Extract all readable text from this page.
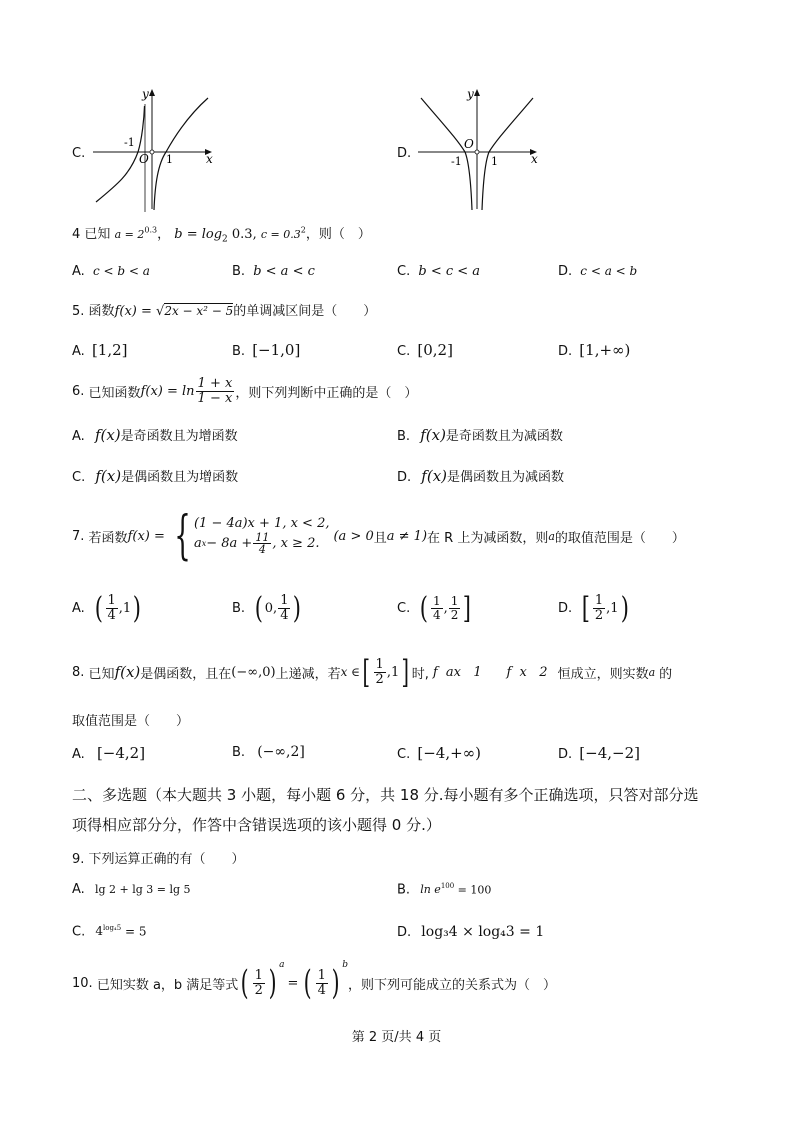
C.
y
x
O
-1
1	D.
y
x
O
-1	1
4 已知 $a = 2^{0.3}$， $b = \log_2 0.3$, $c = 0.3^2$，则（　）
A. c < b < a	B. b < a < c	C. b < c < a	D. c < a < b
5. 函数f(x) = √2x − x² − 5的单调减区间是（　　）
A. [1,2]	B. [−1,0]	C. [0,2]	D. [1,+∞)
6.
已知函数 $f(x) = \ln \frac{1 + x}{1 - x}$ ，则下列判断中正确的是（　）
A. f(x)是奇函数且为增函数	B. f(x)是奇函数且为减函数
C. f(x)是偶函数且为增函数	D. f(x)是偶函数且为减函数
7.
若函数 f(x) = { (1 − 4a)x + 1, x < 2,
a $x - 8a + \frac{11}{4}$ , x ≥ 2. (a > 0 且 a ≠ 1) 在 R 上为减函数，则 a 的取值范围是（　　）
A. ( $\frac{1}{4} ,1$ )	B. ( 0, $\frac{1}{4}$ )	C. ( $\frac{1}{4}$ , $\frac{1}{2}$ ]	D. [ $\frac{1}{2} ,1$ )
8.
已知 f(x) 是偶函数，且在 (−∞,0) 上递减，若 x ∈ [ $\frac{1}{2} ,1$ ] 时, f  ax   1      f  x   2 恒成立，则实数 a 的
取值范围是（　　）
A. [−4,2]	B. (−∞,2]	C. [−4,+∞)	D. [−4,−2]
二、多选题（本大题共 3 小题，每小题 6 分，共 18 分.每小题有多个正确选项，只答对部分选
项得相应部分分，作答中含错误选项的该小题得 0 分.）
9. 下列运算正确的有（　　）
A. lg 2 + lg 3 = lg 5	B. $\ln e^{100} = 100$
C. $4^{log_45} = 5$	D. log₃4 × log₄3 = 1
10.
已知实数 a，b 满足等式 ( $\frac{1}{2}$ ) a
= ( $\frac{1}{4}$ ) b
，则下列可能成立的关系式为（　）
第 2 页/共 4 页
